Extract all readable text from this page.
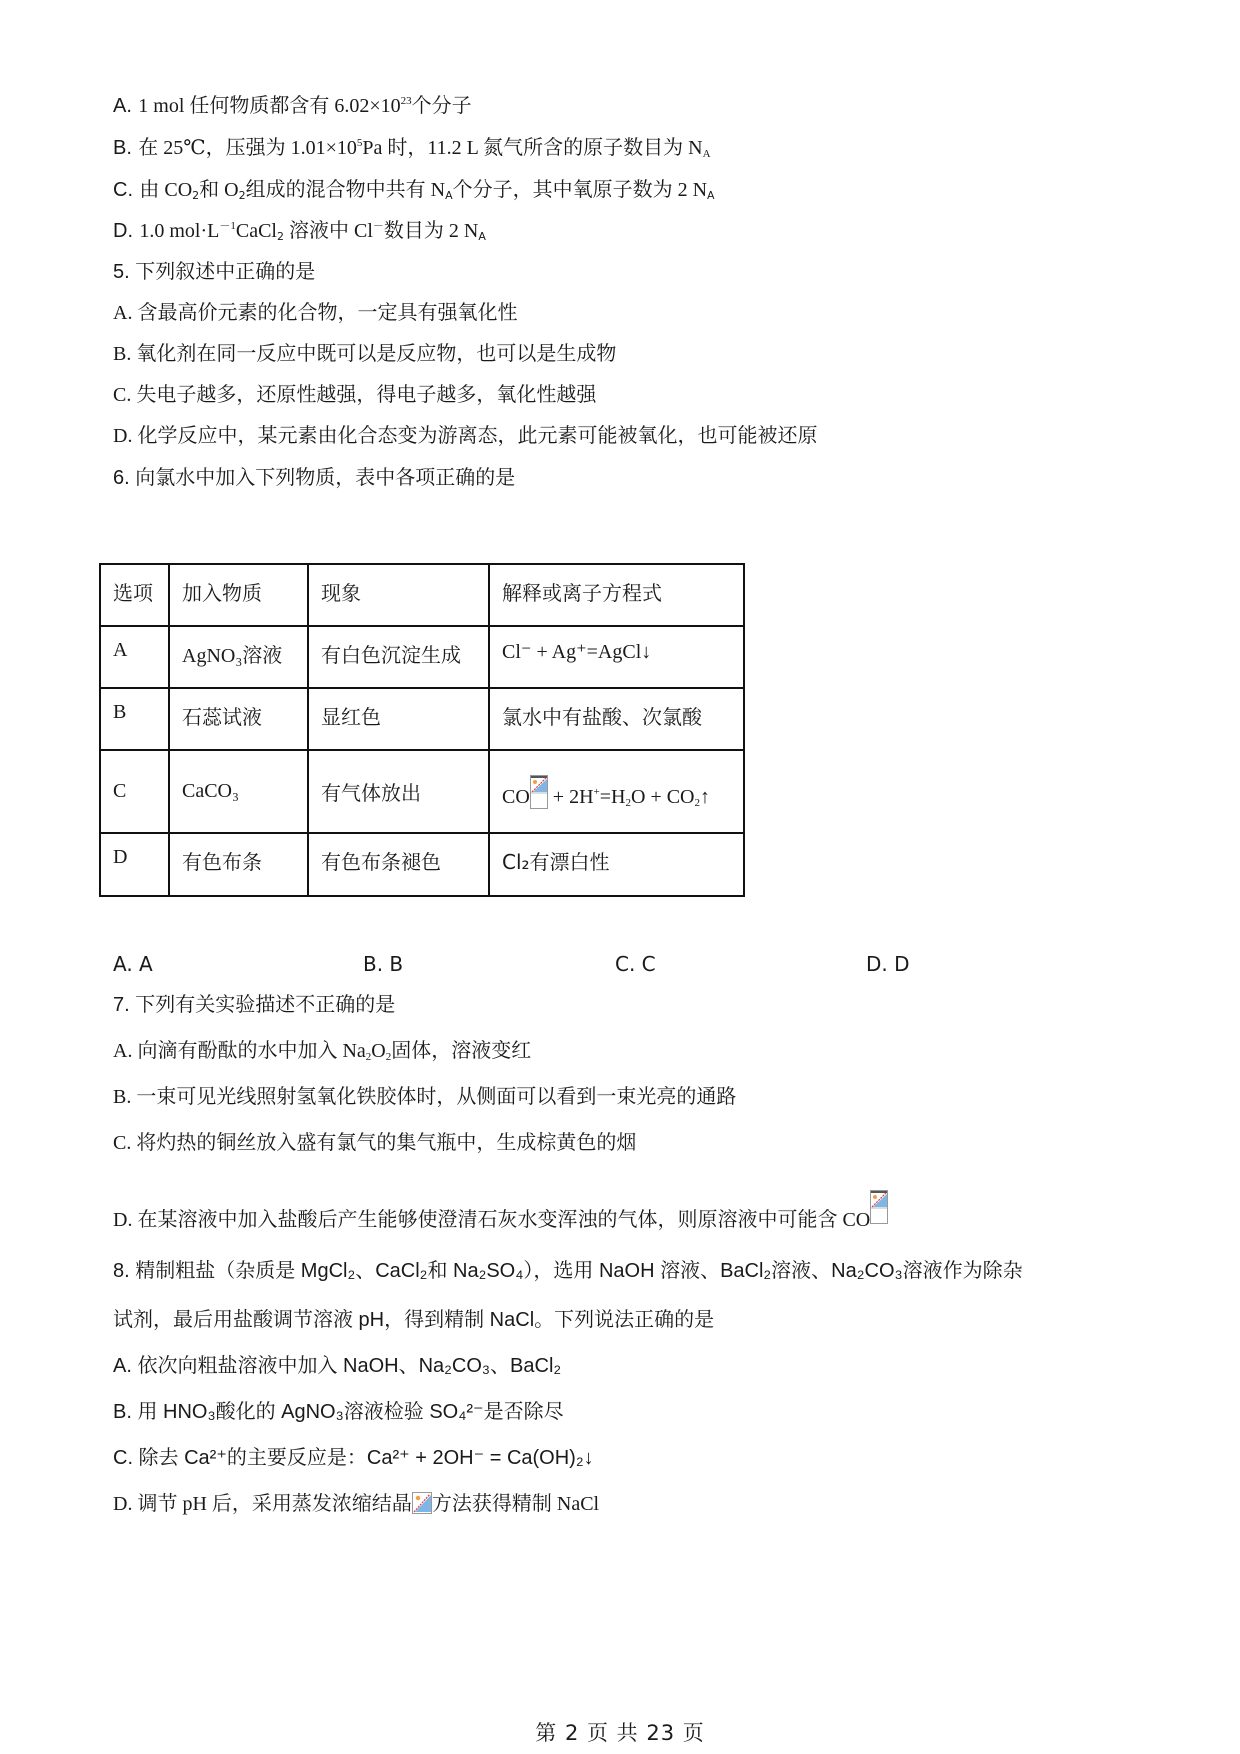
A. 1 mol 任何物质都含有 $6.02\times 10^{23}$个分子
B. 在 25℃，压强为 $1.01\times 10^5Pa$ 时，11.2 L 氮气所含的原子数目为 $N_A$
C. 由 $CO_2$和 $O_2$组成的混合物中共有 $N_A$个分子，其中氧原子数为 2 $N_A$
D. 1.0 $mol\cdot L^{-1}CaCl_2$ 溶液中 Cl－数目为 2 $N_A$
5. 下列叙述中正确的是
A. 含最高价元素的化合物，一定具有强氧化性
B. 氧化剂在同一反应中既可以是反应物，也可以是生成物
C. 失电子越多，还原性越强，得电子越多，氧化性越强
D. 化学反应中，某元素由化合态变为游离态，此元素可能被氧化，也可能被还原
6. 向氯水中加入下列物质，表中各项正确的是
选项	加入物质	现象	解释或离子方程式
A	AgNO₃溶液	有白色沉淀生成	Cl⁻ + Ag⁺=AgCl↓
B	石蕊试液	显红色	氯水中有盐酸、次氯酸
C	CaCO₃	有气体放出	CO
+ $2H^+=H_2O$ + $CO_2↑$
D	有色布条	有色布条褪色	Cl₂有漂白性
A. A	B. B	C. C	D. D
7. 下列有关实验描述不正确的是
A. 向滴有酚酞的水中加入 $Na_2O_2$固体，溶液变红
B. 一束可见光线照射氢氧化铁胶体时，从侧面可以看到一束光亮的通路
C. 将灼热的铜丝放入盛有氯气的集气瓶中，生成棕黄色的烟
D. 在某溶液中加入盐酸后产生能够使澄清石灰水变浑浊的气体，则原溶液中可能含 CO
8. 精制粗盐（杂质是 MgCl₂、CaCl₂和 Na₂SO₄），选用 NaOH 溶液、BaCl₂溶液、Na₂CO₃溶液作为除杂
试剂，最后用盐酸调节溶液 pH，得到精制 NaCl。下列说法正确的是
A. 依次向粗盐溶液中加入 NaOH、Na₂CO₃、BaCl₂
B. 用 HNO₃酸化的 AgNO₃溶液检验 SO₄²⁻是否除尽
C. 除去 Ca²⁺的主要反应是：Ca²⁺ + 2OH⁻ = Ca(OH)₂↓
D. 调节 pH 后，采用蒸发浓缩结晶 方法获得精制 NaCl
第 2 页 共 23 页
